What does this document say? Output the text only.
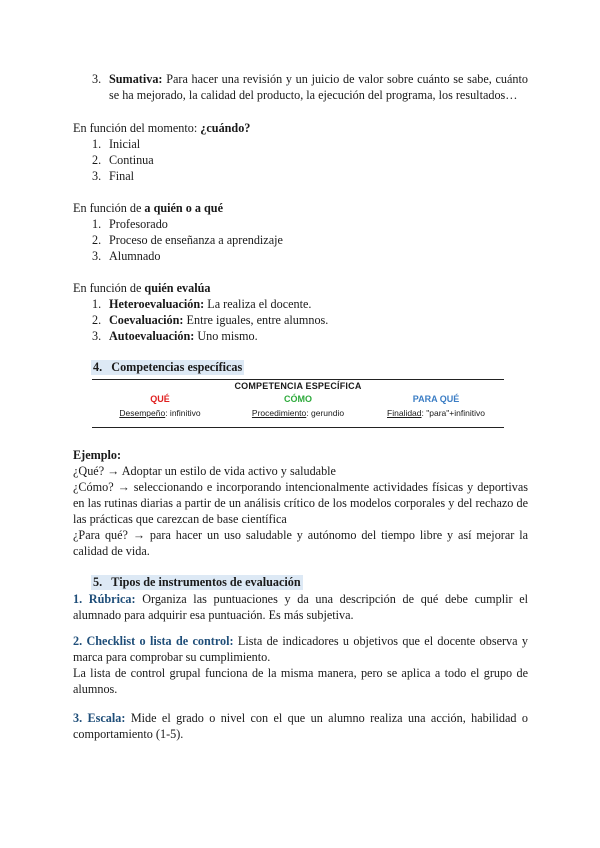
3. Sumativa: Para hacer una revisión y un juicio de valor sobre cuánto se sabe, cuánto
se ha mejorado, la calidad del producto, la ejecución del programa, los resultados…
En función del momento: ¿cuándo?
1. Inicial
2. Continua
3. Final
En función de a quién o a qué
1. Profesorado
2. Proceso de enseñanza a aprendizaje
3. Alumnado
En función de quién evalúa
1. Heteroevaluación: La realiza el docente.
2. Coevaluación: Entre iguales, entre alumnos.
3. Autoevaluación: Uno mismo.
4. Competencias específicas
COMPETENCIA ESPECÍFICA
QUÉ	CÓMO	PARA QUÉ
Desempeño: infinitivo	Procedimiento: gerundio	Finalidad: "para"+infinitivo
Ejemplo:
¿Qué? → Adoptar un estilo de vida activo y saludable
¿Cómo? → seleccionando e incorporando intencionalmente actividades físicas y deportivas
en las rutinas diarias a partir de un análisis crítico de los modelos corporales y del rechazo de
las prácticas que carezcan de base científica
¿Para qué? → para hacer un uso saludable y autónomo del tiempo libre y así mejorar la
calidad de vida.
5. Tipos de instrumentos de evaluación
1. Rúbrica: Organiza las puntuaciones y da una descripción de qué debe cumplir el
alumnado para adquirir esa puntuación. Es más subjetiva.
2. Checklist o lista de control: Lista de indicadores u objetivos que el docente observa y
marca para comprobar su cumplimiento.
La lista de control grupal funciona de la misma manera, pero se aplica a todo el grupo de
alumnos.
3. Escala: Mide el grado o nivel con el que un alumno realiza una acción, habilidad o
comportamiento (1-5).
